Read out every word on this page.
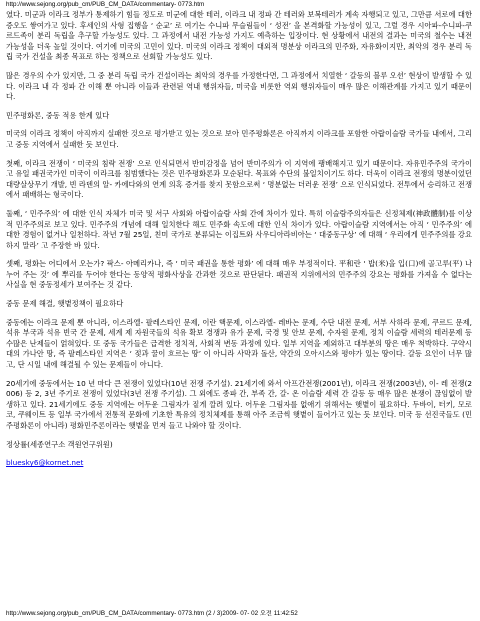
http://www.sejong.org/pub_cm/PUB_CM_DATA/commentary- 0773.htm

였다. 미군과 이라크 정부가 통제하기 힘들 정도로 미군에 대한 테러, 이라크 내 정파 간 테러와 보복테러가 계속 자행되고 있고, 그만큼 서로에 대한 증오도 쌓여가고 있다. 후세인의 사형 집행을 ‘ 순교’ 로 여기는 수니파 무슬림들이 ‘ 성전’ 을 본격화할 가능성이 있고, 그럴 경우 시아파-수니파-쿠르드족이 분리 독립을 추구할 가능성도 있다. 그 과정에서 내전 가능성 가지도 예측하는 입장이다. 현 상황에서 내전의 결과는 미국의 철수는 내전 가능성을 더욱 높일 것이다. 여기에 미국의 고민이 있다. 미국의 이라크 정책이 대외적 명분상 이라크의 민주화, 자유화이지만, 최악의 경우 분리 독립 국가 건설을 최종 목표로 하는 정책으로 선회할 가능성도 있다.

많은 경우의 수가 있지만, 그 중 분리 독립 국가 건설이라는 최악의 경우를 가정한다면, 그 과정에서 치열한 ‘ 갈등의 블루 오션’ 현상이 발생할 수 있다. 이라크 내 각 정파 간 이해 뿐 아니라 이들과 관련된 역내 행위자들, 미국을 비롯한 역외 행위자들이 매우 많은 이해관계를 가지고 있기 때문이다.

민주평화론, 중동 적용 한계 있다

미국의 이라크 정책이 아직까지 실패한 것으로 평가받고 있는 것으로 보아 민주평화론은 아직까지 이라크를 포함한 아랍이슬람 국가들 내에서, 그리고 중동 지역에서 실패한 듯 보인다.

첫째, 이라크 전쟁이 ‘ 미국의 침략 전쟁’ 으로 인식되면서 반미감정을 넘어 반미주의가 이 지역에 팽배해지고 있기 때문이다. 자유민주주의 국가이고 유일 패권국가인 미국이 이라크를 침범했다는 것은 민주평화론과 모순된다. 목표와 수단의 불일치이기도 하다. 더욱이 이라크 전쟁의 명분이었던 대량살상무기 개발, 빈 라덴의 알- 카에다와의 연계 의혹 증거를 찾지 못함으로써 ‘ 명분없는 더러운 전쟁’ 으로 인식되었다. 전투에서 승리하고 전쟁에서 패배하는 형국이다.

둘째, ‘ 민주주의’ 에 대한 인식 자체가 미국 및 서구 사회와 아랍이슬람 사회 간에 차이가 있다. 특히 이슬람주의자들은 신정체제(神政體制)를 이상적 민주주의로 보고 있다. 민주주의 개념에 대해 일치한다 해도 민주화 속도에 대한 인식 차이가 있다. 아랍이슬람 지역에서는 아직 ‘ 민주주의’ 에 대한 경험이 없거나 일천하다. 작년 7월 25일, 친미 국가로 분류되는 이집트와 사우디아라비아는 ‘ 대중동구상’ 에 대해 ‘ 우리에게 민주주의를 강요하지 말라’ 고 주장한 바 있다.

셋째, 평화는 어디에서 오는가? 팍스- 아메리카나, 즉 ‘ 미국 패권을 통한 평화’ 에 대해 매우 부정적이다. 平和란 ‘ 밥(米)을 입(口)에 골고루(平) 나누어 주는 것’ 에 뿌리를 두어야 한다는 동양적 평화사상을 간과한 것으로 판단된다. 패권적 지위에서의 민주주의 강요는 평화를 가져올 수 없다는 사실을 현 중동정세가 보여주는 것 같다.

중동 문제 해결, 햇볕정책이 필요하다

중동에는 이라크 문제 뿐 아니라, 이스라엘- 팔레스타인 문제, 이란 핵문제, 이스라엘- 레바논 문제, 수단 내전 문제, 서부 사하라 문제, 쿠르드 문제, 석유 부국과 석유 빈국 간 문제, 세계 제 자원국들의 석유 확보 경쟁과 유가 문제, 국경 및 안보 문제, 수자원 문제, 정치 이슬람 세력의 테러문제 등 수많은 난제들이 얽혀있다. 또 중동 국가들은 급격한 정치적, 사회적 변동 과정에 있다. 일부 지역을 제외하고 대부분의 땅은 매우 척박하다. 구약시대의 가나안 땅, 즉 팔레스타인 지역은 ‘ 젖과 꿀이 흐르는 땅’ 이 아니라 사막과 돌산, 약간의 오아시스와 평야가 있는 땅이다. 갈등 요인이 너무 많고, 단 시일 내에 해결될 수 있는 문제들이 아니다.

20세기에 중동에서는 10 년 마다 큰 전쟁이 있었다(10년 전쟁 주기설). 21세기에 와서 아프간전쟁(2001년), 이라크 전쟁(2003년), 이- 레 전쟁(2006) 등 2, 3년 주기로 전쟁이 있었다(3년 전쟁 주기설). 그 외에도 종파 간, 부족 간, 갈- 온 이슬람 세력 간 갈등 등 매우 많은 분쟁이 끊임없이 발생하고 있다. 21세기에도 중동 지역에는 어두운 그림자가 짙게 깔려 있다. 어두운 그림자를 없애기 위해서는 햇볕이 필요하다. 두바이, 터키, 모로코, 쿠웨이트 등 일부 국가에서 전통적 문화에 기초한 특유의 정치체제를 통해 아주 조금씩 햇볕이 들어가고 있는 듯 보인다. 미국 등 선진국들도 (민주평화론이 아니라) 평화민주론이라는 햇볕을 먼저 들고 나와야 할 것이다.

정상률(세종연구소 객원연구위원)

bluesky6@kornet.net

http://www.sejong.org/pub_cm/PUB_CM_DATA/commentary- 0773.htm (2 / 3)2009- 07- 02 오전 11:42:52
